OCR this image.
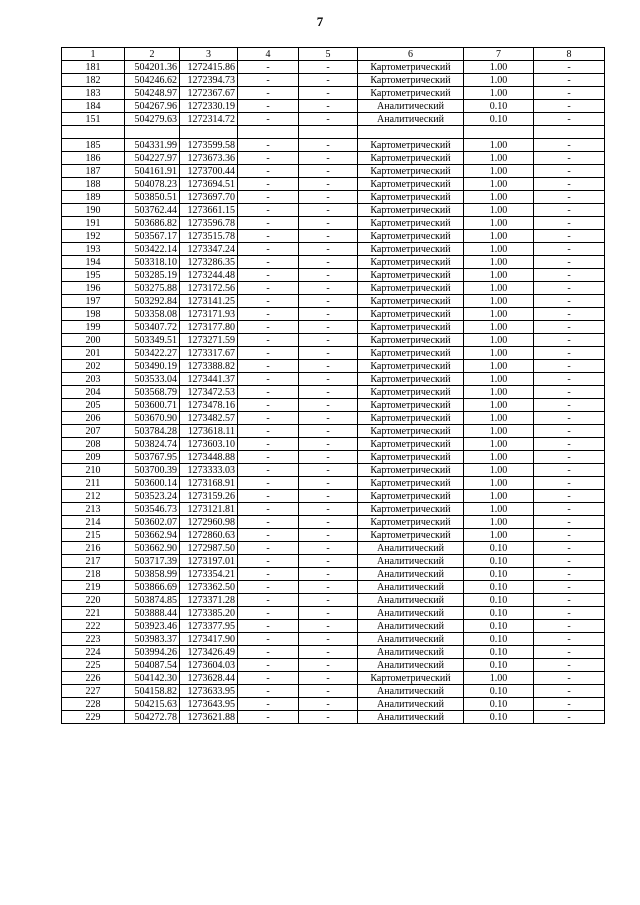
7
1	2	3	4	5	6	7	8
181	504201.36	1272415.86	-	-	Картометрический	1.00	-
182	504246.62	1272394.73	-	-	Картометрический	1.00	-
183	504248.97	1272367.67	-	-	Картометрический	1.00	-
184	504267.96	1272330.19	-	-	Аналитический	0.10	-
151	504279.63	1272314.72	-	-	Аналитический	0.10	-

185	504331.99	1273599.58	-	-	Картометрический	1.00	-
186	504227.97	1273673.36	-	-	Картометрический	1.00	-
187	504161.91	1273700.44	-	-	Картометрический	1.00	-
188	504078.23	1273694.51	-	-	Картометрический	1.00	-
189	503850.51	1273697.70	-	-	Картометрический	1.00	-
190	503762.44	1273661.15	-	-	Картометрический	1.00	-
191	503686.82	1273596.78	-	-	Картометрический	1.00	-
192	503567.17	1273515.78	-	-	Картометрический	1.00	-
193	503422.14	1273347.24	-	-	Картометрический	1.00	-
194	503318.10	1273286.35	-	-	Картометрический	1.00	-
195	503285.19	1273244.48	-	-	Картометрический	1.00	-
196	503275.88	1273172.56	-	-	Картометрический	1.00	-
197	503292.84	1273141.25	-	-	Картометрический	1.00	-
198	503358.08	1273171.93	-	-	Картометрический	1.00	-
199	503407.72	1273177.80	-	-	Картометрический	1.00	-
200	503349.51	1273271.59	-	-	Картометрический	1.00	-
201	503422.27	1273317.67	-	-	Картометрический	1.00	-
202	503490.19	1273388.82	-	-	Картометрический	1.00	-
203	503533.04	1273441.37	-	-	Картометрический	1.00	-
204	503568.79	1273472.53	-	-	Картометрический	1.00	-
205	503600.71	1273478.16	-	-	Картометрический	1.00	-
206	503670.90	1273482.57	-	-	Картометрический	1.00	-
207	503784.28	1273618.11	-	-	Картометрический	1.00	-
208	503824.74	1273603.10	-	-	Картометрический	1.00	-
209	503767.95	1273448.88	-	-	Картометрический	1.00	-
210	503700.39	1273333.03	-	-	Картометрический	1.00	-
211	503600.14	1273168.91	-	-	Картометрический	1.00	-
212	503523.24	1273159.26	-	-	Картометрический	1.00	-
213	503546.73	1273121.81	-	-	Картометрический	1.00	-
214	503602.07	1272960.98	-	-	Картометрический	1.00	-
215	503662.94	1272860.63	-	-	Картометрический	1.00	-
216	503662.90	1272987.50	-	-	Аналитический	0.10	-
217	503717.39	1273197.01	-	-	Аналитический	0.10	-
218	503858.99	1273354.21	-	-	Аналитический	0.10	-
219	503866.69	1273362.50	-	-	Аналитический	0.10	-
220	503874.85	1273371.28	-	-	Аналитический	0.10	-
221	503888.44	1273385.20	-	-	Аналитический	0.10	-
222	503923.46	1273377.95	-	-	Аналитический	0.10	-
223	503983.37	1273417.90	-	-	Аналитический	0.10	-
224	503994.26	1273426.49	-	-	Аналитический	0.10	-
225	504087.54	1273604.03	-	-	Аналитический	0.10	-
226	504142.30	1273628.44	-	-	Картометрический	1.00	-
227	504158.82	1273633.95	-	-	Аналитический	0.10	-
228	504215.63	1273643.95	-	-	Аналитический	0.10	-
229	504272.78	1273621.88	-	-	Аналитический	0.10	-
